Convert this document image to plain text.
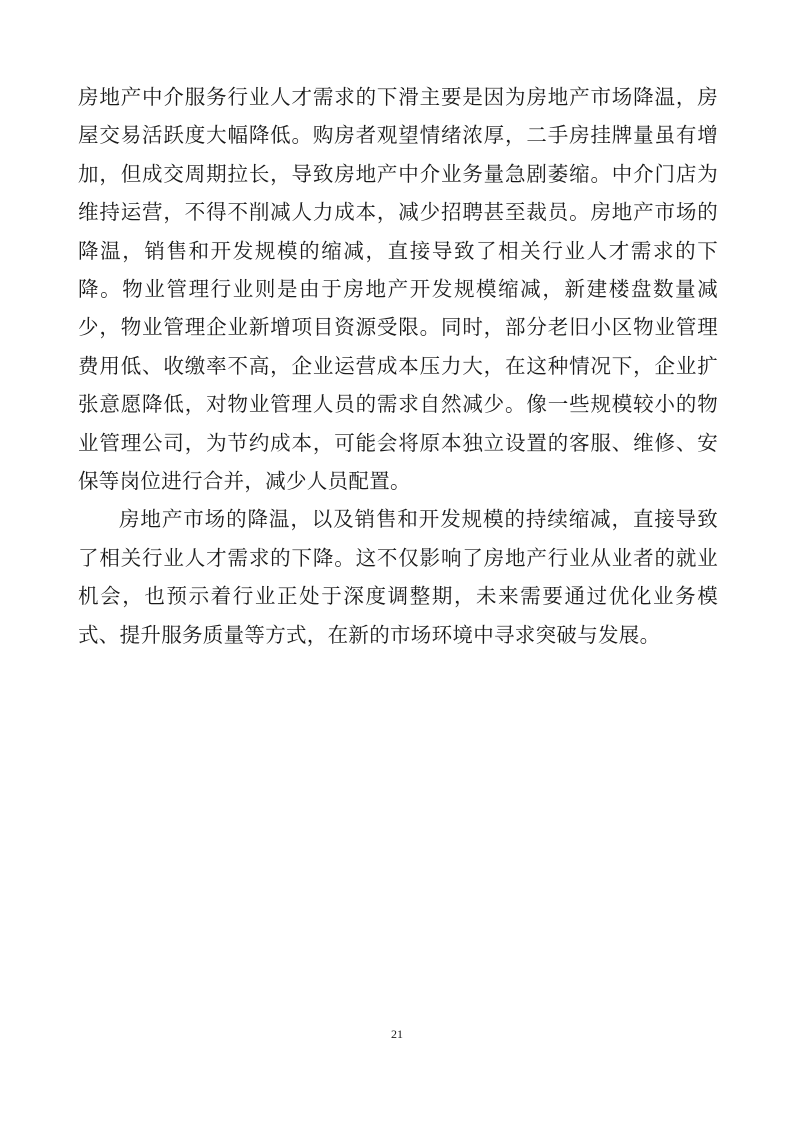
房地产中介服务行业人才需求的下滑主要是因为房地产市场降温，房屋交易活跃度大幅降低。购房者观望情绪浓厚，二手房挂牌量虽有增加，但成交周期拉长，导致房地产中介业务量急剧萎缩。中介门店为维持运营，不得不削减人力成本，减少招聘甚至裁员。房地产市场的降温，销售和开发规模的缩减，直接导致了相关行业人才需求的下降。物业管理行业则是由于房地产开发规模缩减，新建楼盘数量减少，物业管理企业新增项目资源受限。同时，部分老旧小区物业管理费用低、收缴率不高，企业运营成本压力大，在这种情况下，企业扩张意愿降低，对物业管理人员的需求自然减少。像一些规模较小的物业管理公司，为节约成本，可能会将原本独立设置的客服、维修、安保等岗位进行合并，减少人员配置。

房地产市场的降温，以及销售和开发规模的持续缩减，直接导致了相关行业人才需求的下降。这不仅影响了房地产行业从业者的就业机会，也预示着行业正处于深度调整期，未来需要通过优化业务模式、提升服务质量等方式，在新的市场环境中寻求突破与发展。

21
